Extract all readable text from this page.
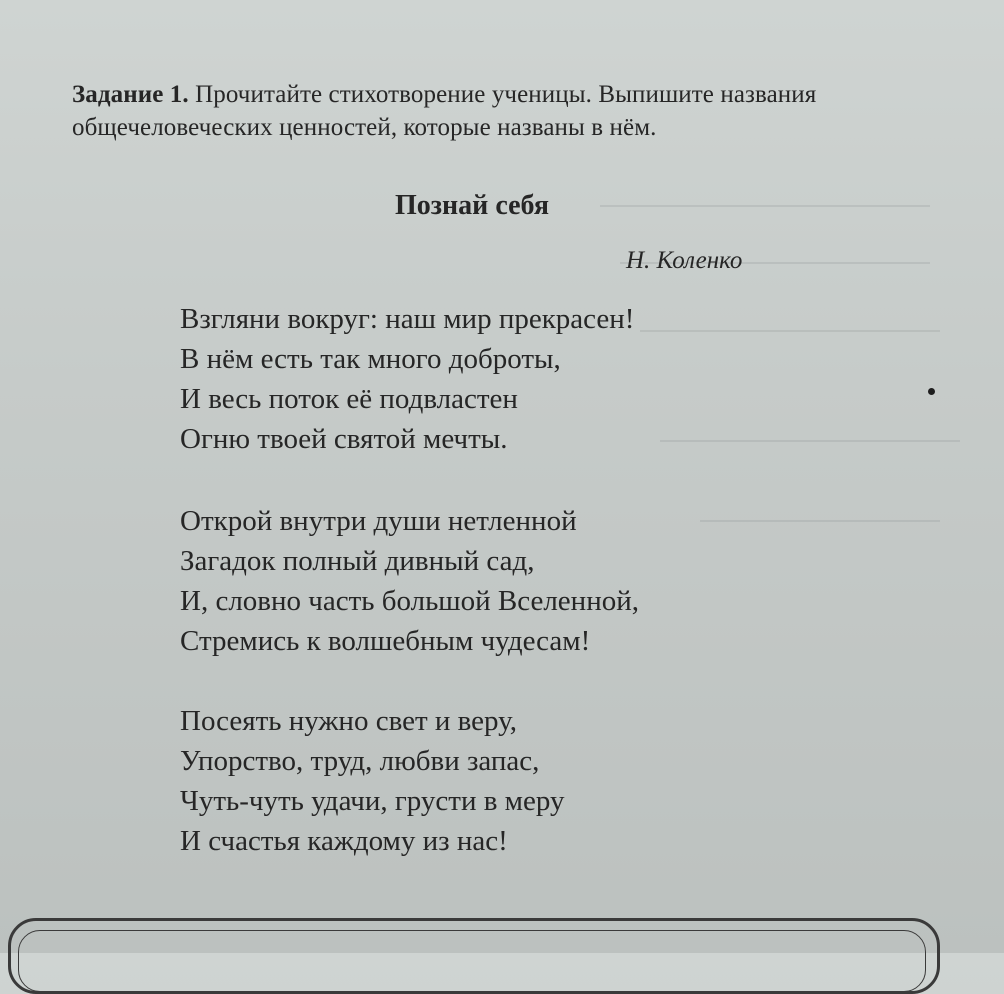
Задание 1. Прочитайте стихотворение ученицы. Выпишите названия общечеловеческих ценностей, которые названы в нём.
Познай себя
Н. Коленко
Взгляни вокруг: наш мир прекрасен!
В нём есть так много доброты,
И весь поток её подвластен
Огню твоей святой мечты.
Открой внутри души нетленной
Загадок полный дивный сад,
И, словно часть большой Вселенной,
Стремись к волшебным чудесам!
Посеять нужно свет и веру,
Упорство, труд, любви запас,
Чуть-чуть удачи, грусти в меру
И счастья каждому из нас!
